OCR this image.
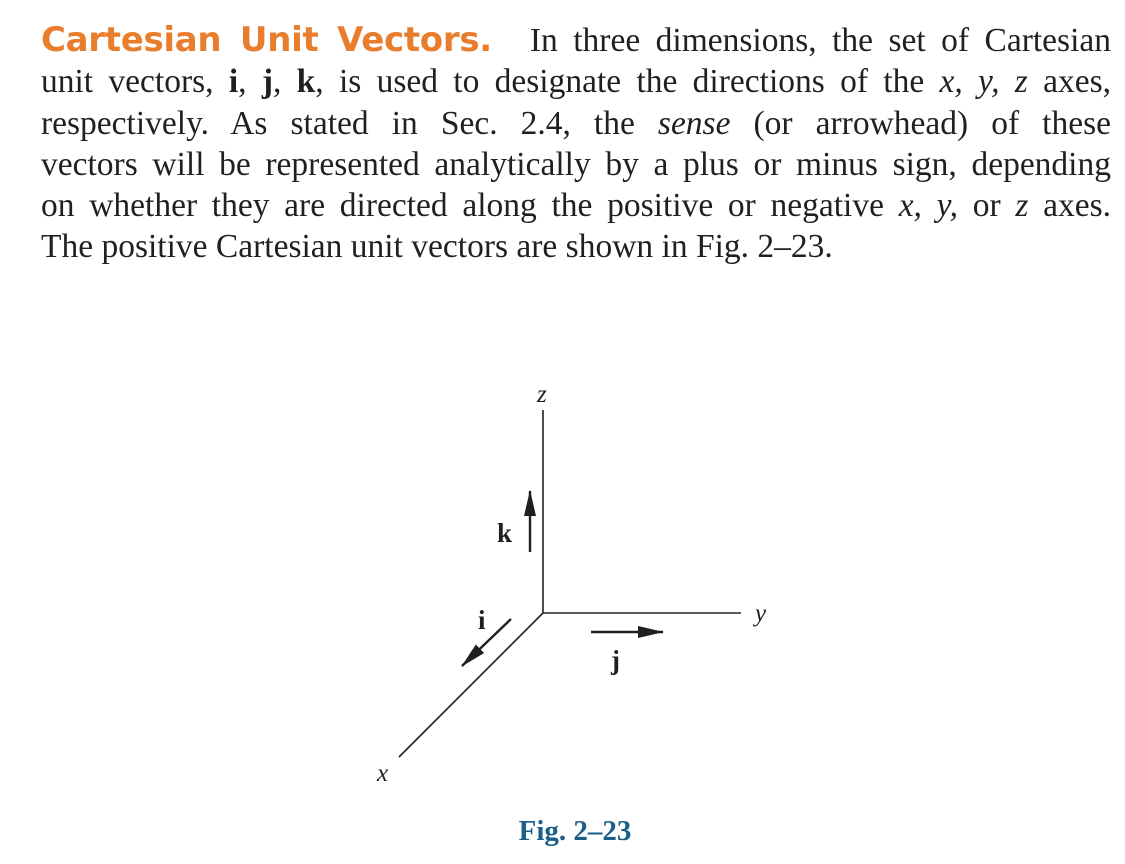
Cartesian Unit Vectors. In three dimensions, the set of Cartesian
unit vectors, i, j, k, is used to designate the directions of the x, y, z axes,
respectively. As stated in Sec. 2.4, the sense (or arrowhead) of these
vectors will be represented analytically by a plus or minus sign, depending
on whether they are directed along the positive or negative x, y, or z axes.
The positive Cartesian unit vectors are shown in Fig. 2–23.
z
y
x
k
j
i
Fig. 2–23
